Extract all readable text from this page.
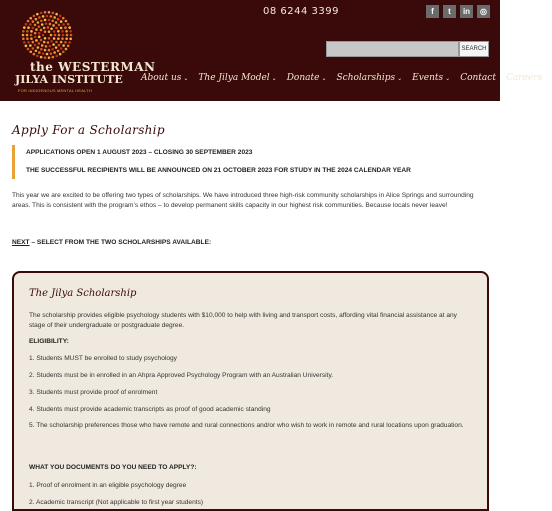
the WESTERMAN
JILYA INSTITUTE
FOR INDIGENOUS MENTAL HEALTH
08 6244 3399	f	t	in	◎
SEARCH
About us ⌄ The Jilya Model ⌄ Donate ⌄ Scholarships ⌄ Events ⌄ Contact Careers
Apply For a Scholarship
APPLICATIONS OPEN 1 AUGUST 2023 – CLOSING 30 SEPTEMBER 2023
THE SUCCESSFUL RECIPIENTS WILL BE ANNOUNCED ON 21 OCTOBER 2023 FOR STUDY IN THE 2024 CALENDAR YEAR
This year we are excited to be offering two types of scholarships. We have introduced three high-risk community scholarships in Alice Springs and surrounding areas. This is consistent with the program’s ethos – to develop permanent skills capacity in our highest risk communities. Because locals never leave!
NEXT – SELECT FROM THE TWO SCHOLARSHIPS AVAILABLE:
The Jilya Scholarship
The scholarship provides eligible psychology students with $10,000 to help with living and transport costs, affording vital financial assistance at any stage of their undergraduate or postgraduate degree.
ELIGIBILITY:
1. Students MUST be enrolled to study psychology
2. Students must be in enrolled in an Ahpra Approved Psychology Program with an Australian University.
3. Students must provide proof of enrolment
4. Students must provide academic transcripts as proof of good academic standing
5. The scholarship preferences those who have remote and rural connections and/or who wish to work in remote and rural locations upon graduation.
WHAT YOU DOCUMENTS DO YOU NEED TO APPLY?:
1. Proof of enrolment in an eligible psychology degree
2. Academic transcript (Not applicable to first year students)
